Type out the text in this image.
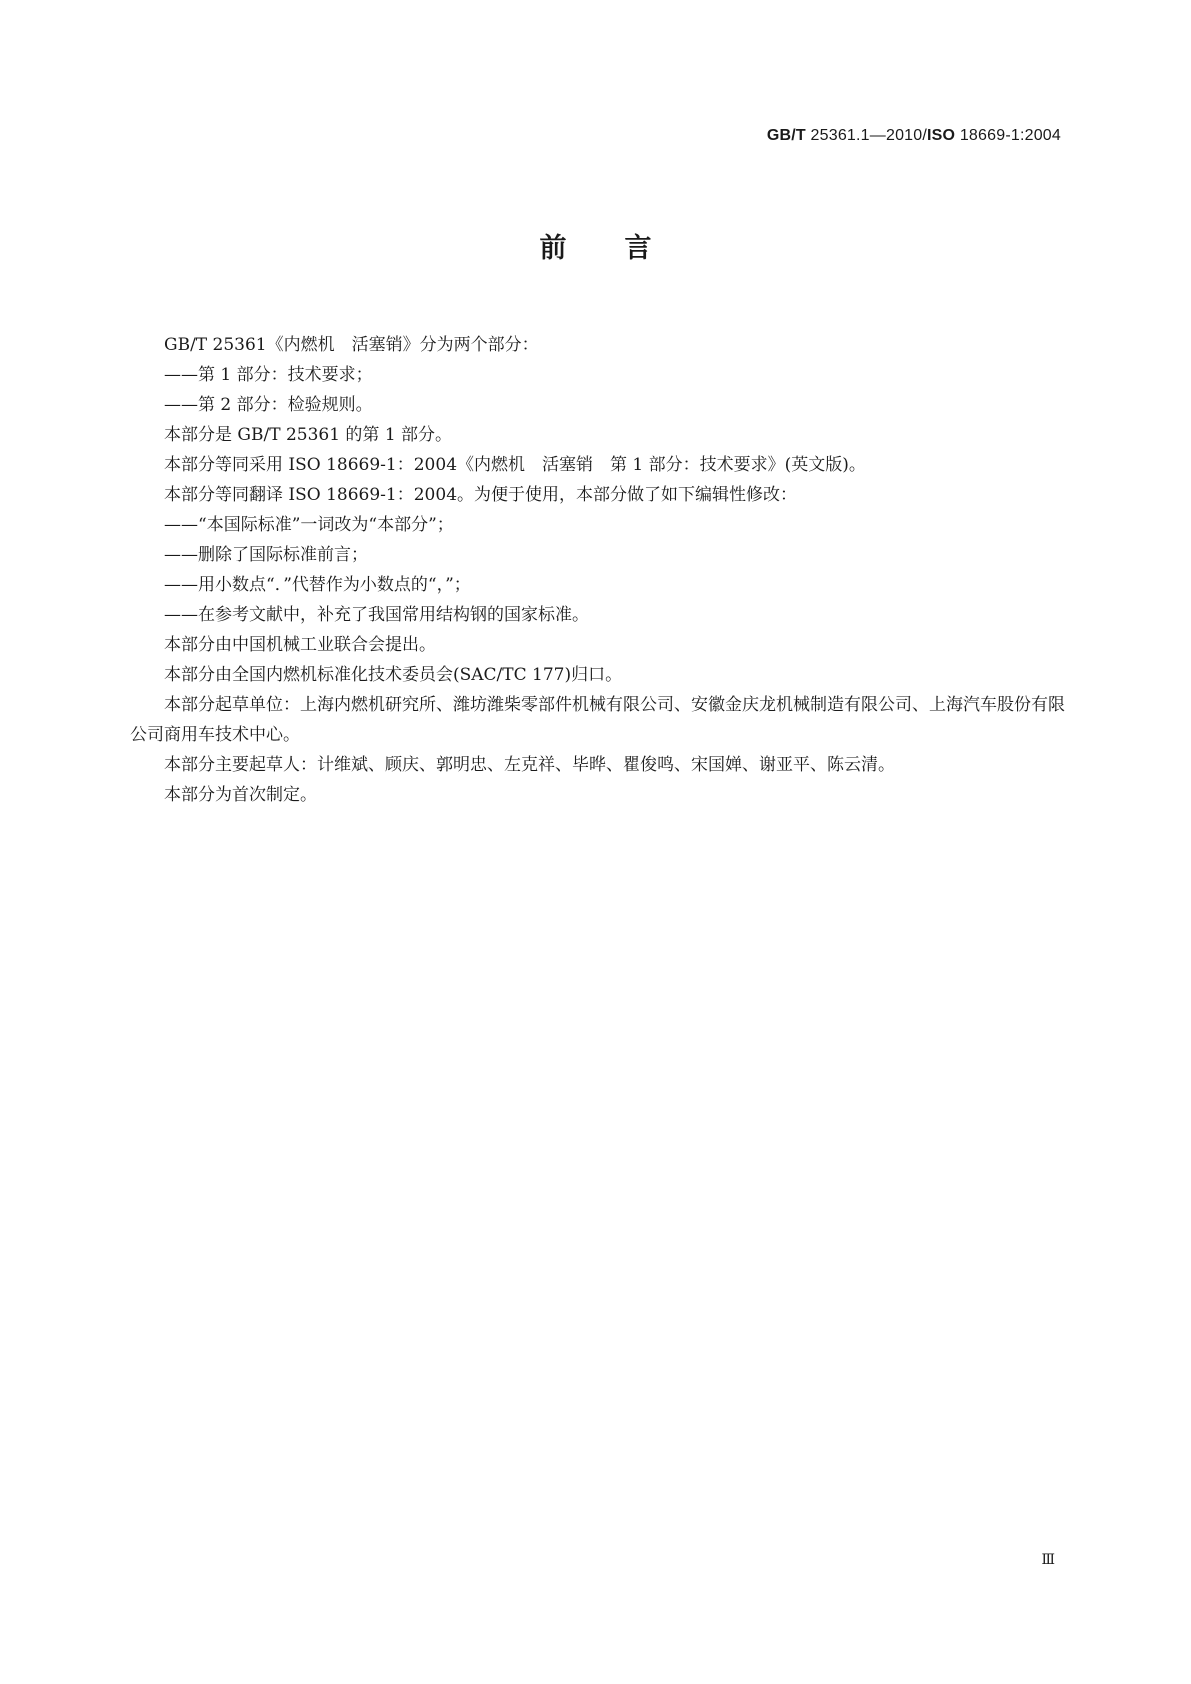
GB/T 25361.1—2010/ISO 18669-1:2004
前言

GB/T 25361《内燃机　活塞销》分为两个部分：

——第 1 部分：技术要求；

——第 2 部分：检验规则。

本部分是 GB/T 25361 的第 1 部分。

本部分等同采用 ISO 18669-1：2004《内燃机　活塞销　第 1 部分：技术要求》(英文版)。

本部分等同翻译 ISO 18669-1：2004。为便于使用，本部分做了如下编辑性修改：

——“本国际标准”一词改为“本部分”；

——删除了国际标准前言；

——用小数点“．”代替作为小数点的“，”；

——在参考文献中，补充了我国常用结构钢的国家标准。

本部分由中国机械工业联合会提出。

本部分由全国内燃机标准化技术委员会(SAC/TC 177)归口。

本部分起草单位：上海内燃机研究所、潍坊潍柴零部件机械有限公司、安徽金庆龙机械制造有限公司、上海汽车股份有限公司商用车技术中心。

本部分主要起草人：计维斌、顾庆、郭明忠、左克祥、毕晔、瞿俊鸣、宋国婵、谢亚平、陈云清。

本部分为首次制定。

Ⅲ
